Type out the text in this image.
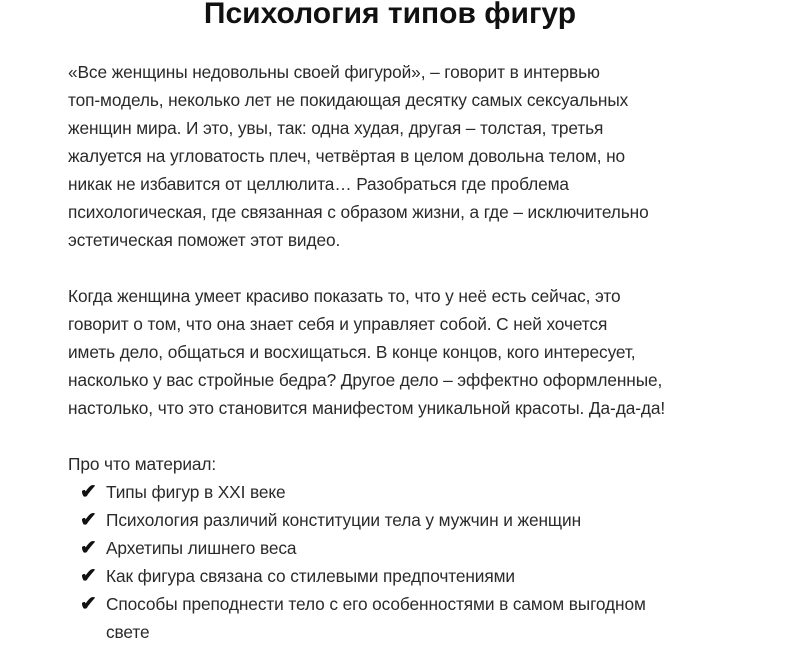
Психология типов фигур

«Все женщины недовольны своей фигурой», – говорит в интервью
топ-модель, неколько лет не покидающая десятку самых сексуальных
женщин мира. И это, увы, так: одна худая, другая – толстая, третья
жалуется на угловатость плеч, четвёртая в целом довольна телом, но
никак не избавится от целлюлита… Разобраться где проблема
психологическая, где связанная с образом жизни, а где – исключительно
эстетическая поможет этот видео.

Когда женщина умеет красиво показать то, что у неё есть сейчас, это
говорит о том, что она знает себя и управляет собой. С ней хочется
иметь дело, общаться и восхищаться. В конце концов, кого интересует,
насколько у вас стройные бедра? Другое дело – эффектно оформленные,
настолько, что это становится манифестом уникальной красоты. Да-да-да!

Про что материал:

✔ Типы фигур в XXI веке
✔ Психология различий конституции тела у мужчин и женщин
✔ Архетипы лишнего веса
✔ Как фигура связана со стилевыми предпочтениями
✔ Способы преподнести тело с его особенностями в самом выгодном
свете
